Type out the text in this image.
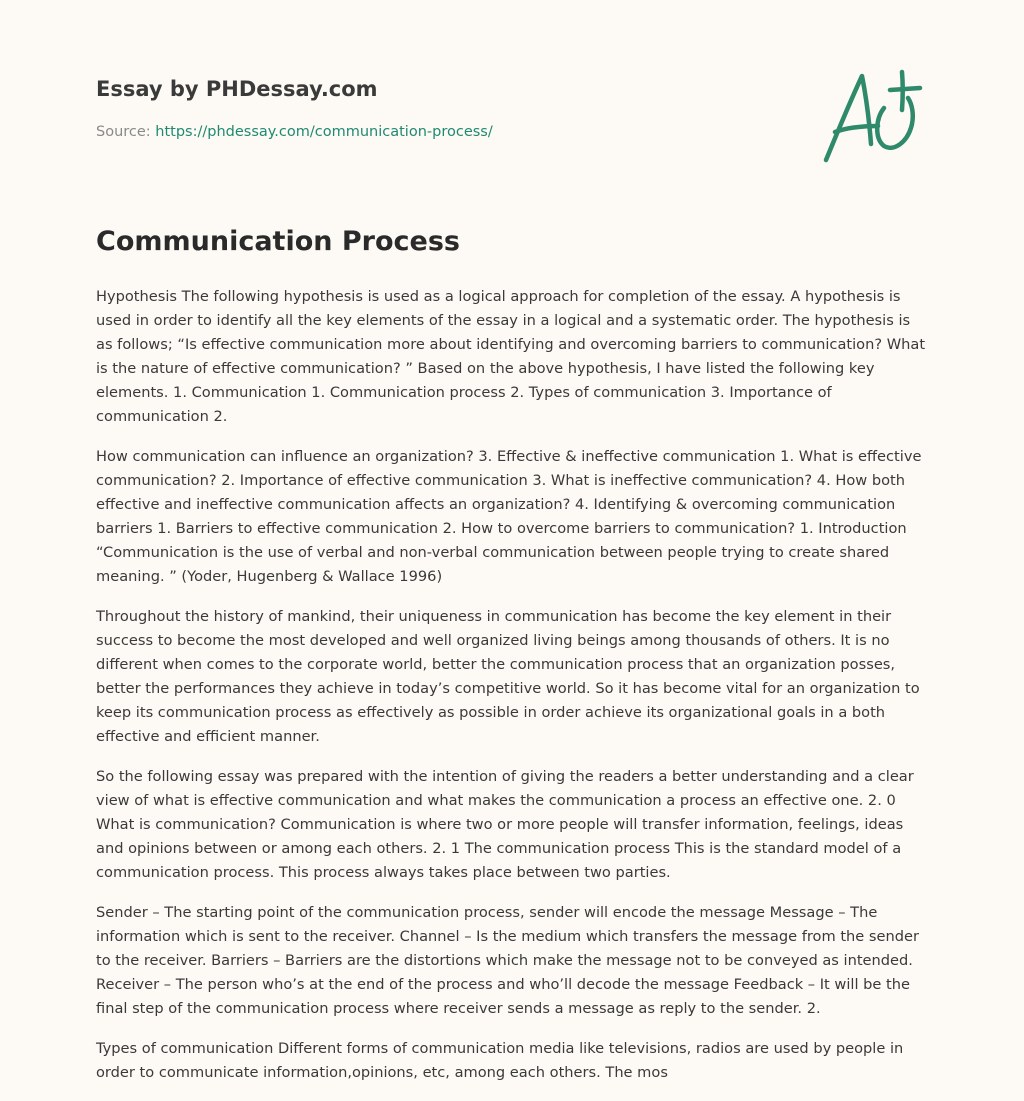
Essay by PHDessay.com
Source: https://phdessay.com/communication-process/
Communication Process

Hypothesis The following hypothesis is used as a logical approach for completion of the essay. A hypothesis is used in order to identify all the key elements of the essay in a logical and a systematic order. The hypothesis is as follows; “Is effective communication more about identifying and overcoming barriers to communication? What is the nature of effective communication? ” Based on the above hypothesis, I have listed the following key elements. 1. Communication 1. Communication process 2. Types of communication 3. Importance of communication 2.

How communication can influence an organization? 3. Effective & ineffective communication 1. What is effective communication? 2. Importance of effective communication 3. What is ineffective communication? 4. How both effective and ineffective communication affects an organization? 4. Identifying & overcoming communication barriers 1. Barriers to effective communication 2. How to overcome barriers to communication? 1. Introduction “Communication is the use of verbal and non-verbal communication between people trying to create shared meaning. ” (Yoder, Hugenberg & Wallace 1996)

Throughout the history of mankind, their uniqueness in communication has become the key element in their success to become the most developed and well organized living beings among thousands of others. It is no different when comes to the corporate world, better the communication process that an organization posses, better the performances they achieve in today’s competitive world. So it has become vital for an organization to keep its communication process as effectively as possible in order achieve its organizational goals in a both effective and efficient manner.

So the following essay was prepared with the intention of giving the readers a better understanding and a clear view of what is effective communication and what makes the communication a process an effective one. 2. 0 What is communication? Communication is where two or more people will transfer information, feelings, ideas and opinions between or among each others. 2. 1 The communication process This is the standard model of a communication process. This process always takes place between two parties.

Sender – The starting point of the communication process, sender will encode the message Message – The information which is sent to the receiver. Channel – Is the medium which transfers the message from the sender to the receiver. Barriers – Barriers are the distortions which make the message not to be conveyed as intended. Receiver – The person who’s at the end of the process and who’ll decode the message Feedback – It will be the final step of the communication process where receiver sends a message as reply to the sender. 2.

Types of communication Different forms of communication media like televisions, radios are used by people in order to communicate information,opinions, etc, among each others. The mos
